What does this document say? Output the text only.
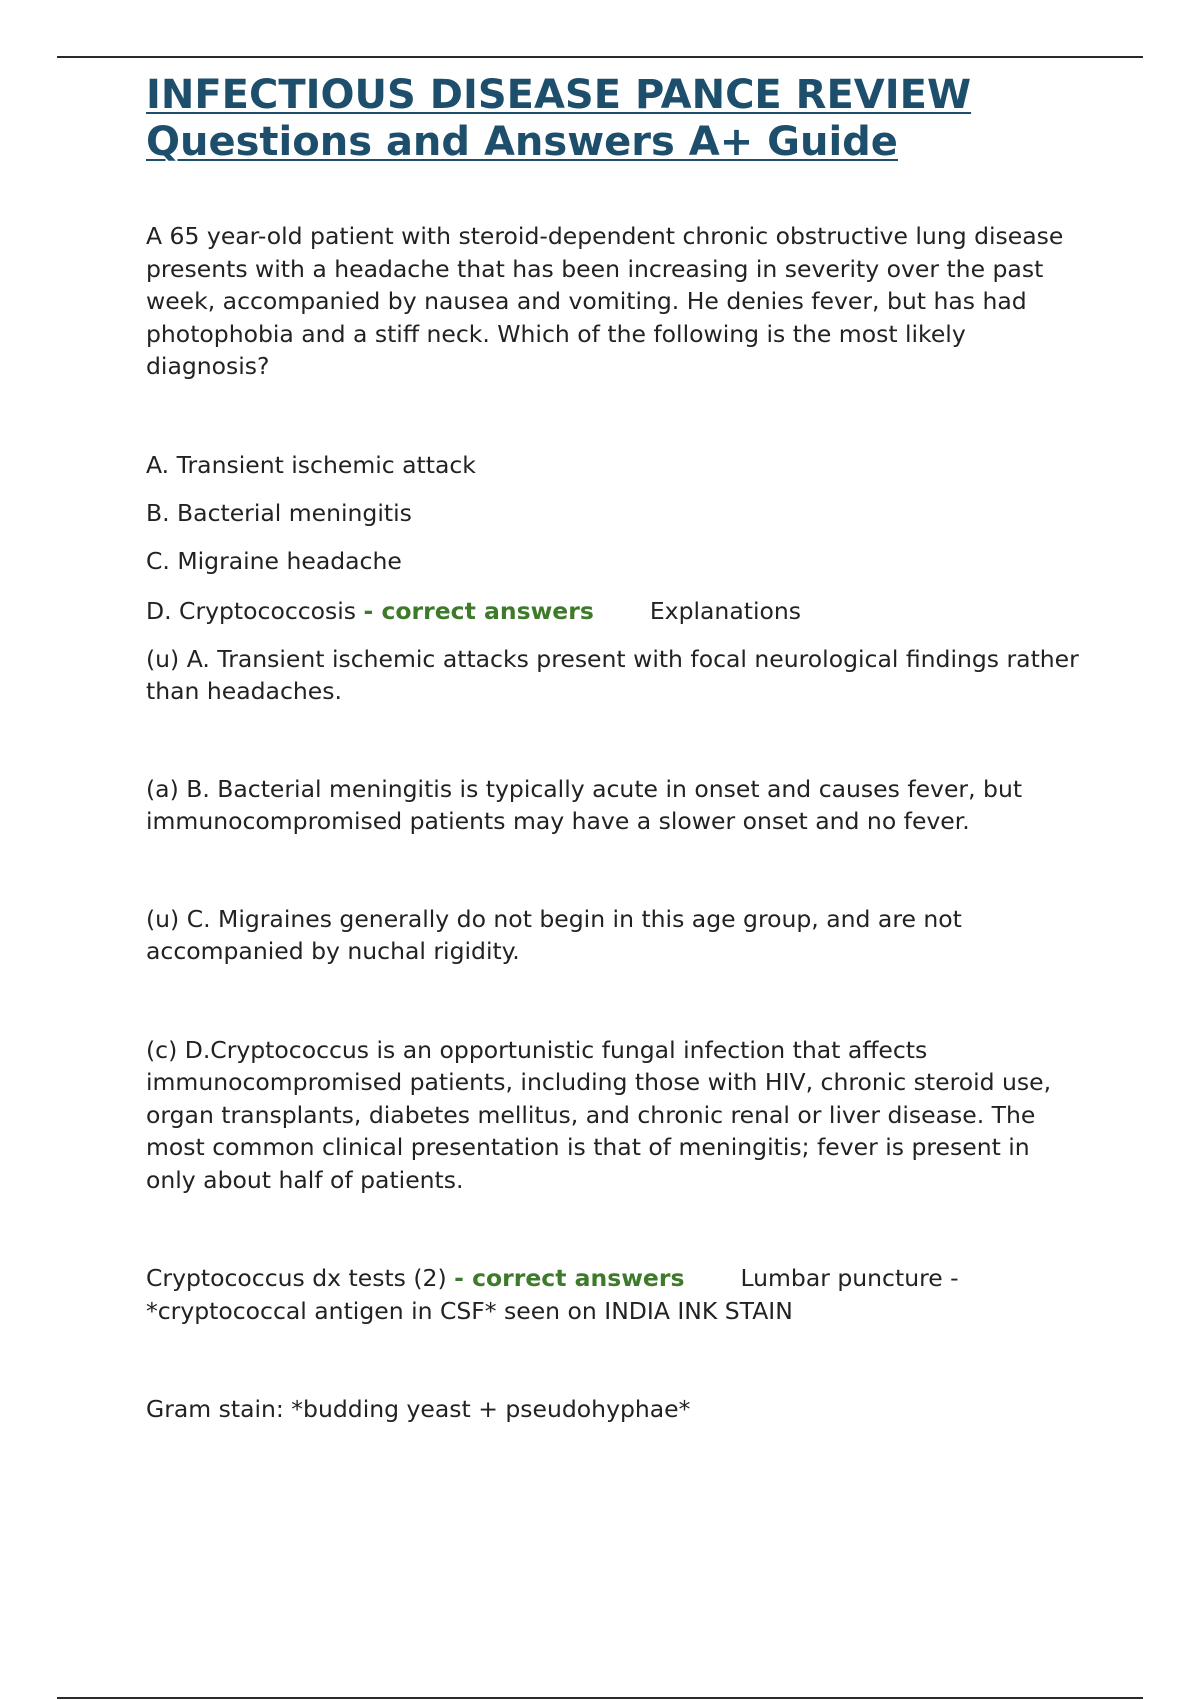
INFECTIOUS DISEASE PANCE REVIEW
Questions and Answers A+ Guide

A 65 year-old patient with steroid-dependent chronic obstructive lung disease presents with a headache that has been increasing in severity over the past week, accompanied by nausea and vomiting. He denies fever, but has had photophobia and a stiff neck. Which of the following is the most likely diagnosis?

A. Transient ischemic attack

B. Bacterial meningitis

C. Migraine headache

D. Cryptococcosis - correct answers Explanations

(u) A. Transient ischemic attacks present with focal neurological findings rather than headaches.

(a) B. Bacterial meningitis is typically acute in onset and causes fever, but immunocompromised patients may have a slower onset and no fever.

(u) C. Migraines generally do not begin in this age group, and are not accompanied by nuchal rigidity.

(c) D.Cryptococcus is an opportunistic fungal infection that affects immunocompromised patients, including those with HIV, chronic steroid use, organ transplants, diabetes mellitus, and chronic renal or liver disease. The most common clinical presentation is that of meningitis; fever is present in only about half of patients.

Cryptococcus dx tests (2) - correct answers Lumbar puncture - *cryptococcal antigen in CSF* seen on INDIA INK STAIN

Gram stain: *budding yeast + pseudohyphae*
